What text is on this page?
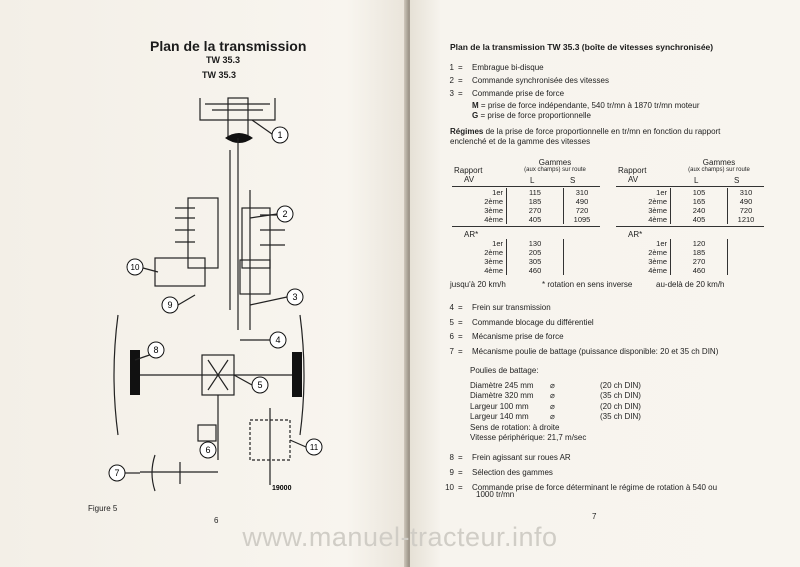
Plan de la transmission
TW 35.3
TW 35.3
1
2
3
4
5
6
7
8
9
10
11
19000
Figure 5
6
Plan de la transmission TW 35.3 (boîte de vitesses synchronisée)
1 = Embrague bi-disque
2 = Commande synchronisée des vitesses
3 = Commande prise de force
M = prise de force indépendante, 540 tr/mn à 1870 tr/mn moteur
G = prise de force proportionnelle
Régimes de la prise de force proportionnelle en tr/mn en fonction du rapport
enclenché et de la gamme des vitesses
Gammes
(aux champs) sur route
Rapport
AV	L	S
1er	115	310
2ème	185	490
3ème	270	720
4ème	405	1095
AR*
1er	130	
2ème	205	
3ème	305	
4ème	460	
Gammes
(aux champs) sur route
Rapport
AV	L	S
1er	105	310
2ème	165	490
3ème	240	720
4ème	405	1210
AR*
1er	120	
2ème	185	
3ème	270	
4ème	460	
jusqu'à 20 km/h	* rotation en sens inverse	au-delà de 20 km/h
4 = Frein sur transmission
5 = Commande blocage du différentiel
6 = Mécanisme prise de force
7 = Mécanisme poulie de battage (puissance disponible: 20 et 35 ch DIN)
Poulies de battage:
Diamètre 245 mm ⌀	(20 ch DIN)
Diamètre 320 mm ⌀	(35 ch DIN)
Largeur 100 mm	⌀	(20 ch DIN)
Largeur 140 mm	⌀	(35 ch DIN)
Sens de rotation: à droite
Vitesse périphérique: 21,7 m/sec
8 = Frein agissant sur roues AR
9 = Sélection des gammes
10 = Commande prise de force déterminant le régime de rotation à 540 ou
1000 tr/mn
7
www.manuel-tracteur.info
